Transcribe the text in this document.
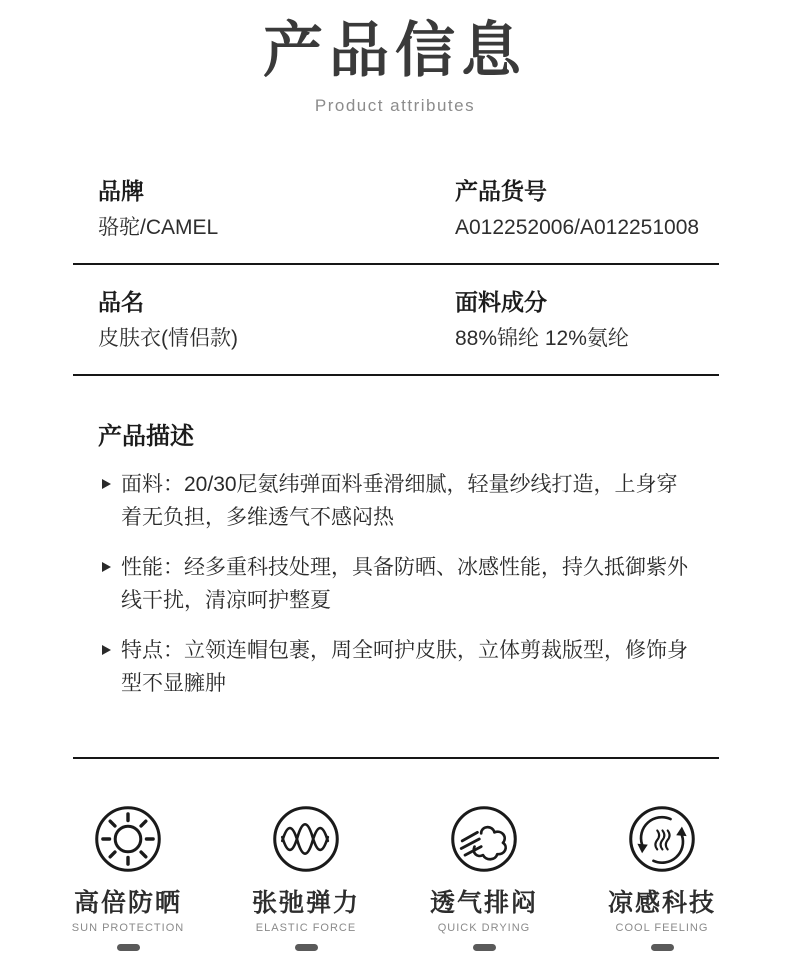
产品信息
Product attributes
品牌
骆驼/CAMEL
产品货号
A012252006/A012251008
品名
皮肤衣(情侣款)
面料成分
88%锦纶 12%氨纶
产品描述
面料：20/30尼氨纬弹面料垂滑细腻，轻量纱线打造，上身穿着无负担，多维透气不感闷热
性能：经多重科技处理，具备防晒、冰感性能，持久抵御紫外线干扰，清凉呵护整夏
特点：立领连帽包裹，周全呵护皮肤，立体剪裁版型，修饰身型不显臃肿
高倍防晒
SUN PROTECTION
张弛弹力
ELASTIC FORCE
透气排闷
QUICK DRYING
凉感科技
COOL FEELING
